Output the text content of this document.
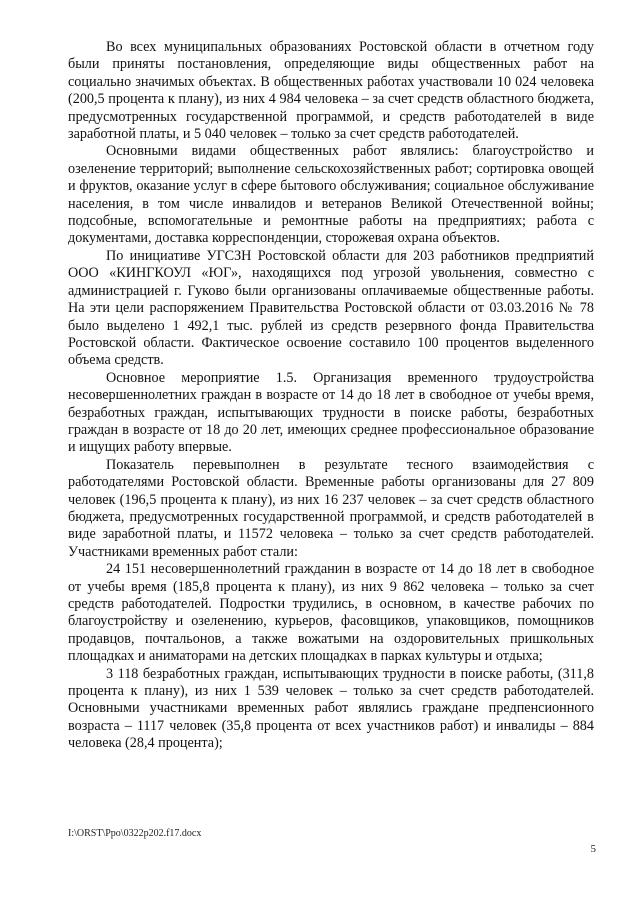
Во всех муниципальных образованиях Ростовской области в отчетном году были приняты постановления, определяющие виды общественных работ на социально значимых объектах. В общественных работах участвовали 10 024 человека (200,5 процента к плану), из них 4 984 человека – за счет средств областного бюджета, предусмотренных государственной программой, и средств работодателей в виде заработной платы, и 5 040 человек – только за счет средств работодателей.

Основными видами общественных работ являлись: благоустройство и озеленение территорий; выполнение сельскохозяйственных работ; сортировка овощей и фруктов, оказание услуг в сфере бытового обслуживания; социальное обслуживание населения, в том числе инвалидов и ветеранов Великой Отечественной войны; подсобные, вспомогательные и ремонтные работы на предприятиях; работа с документами, доставка корреспонденции, сторожевая охрана объектов.

По инициативе УГСЗН Ростовской области для 203 работников предприятий ООО «КИНГКОУЛ «ЮГ», находящихся под угрозой увольнения, совместно с администрацией г. Гуково были организованы оплачиваемые общественные работы. На эти цели распоряжением Правительства Ростовской области от 03.03.2016 № 78 было выделено 1 492,1 тыс. рублей из средств резервного фонда Правительства Ростовской области. Фактическое освоение составило 100 процентов выделенного объема средств.

Основное мероприятие 1.5. Организация временного трудоустройства несовершеннолетних граждан в возрасте от 14 до 18 лет в свободное от учебы время, безработных граждан, испытывающих трудности в поиске работы, безработных граждан в возрасте от 18 до 20 лет, имеющих среднее профессиональное образование и ищущих работу впервые.

Показатель перевыполнен в результате тесного взаимодействия с работодателями Ростовской области. Временные работы организованы для 27 809 человек (196,5 процента к плану), из них 16 237 человек – за счет средств областного бюджета, предусмотренных государственной программой, и средств работодателей в виде заработной платы, и 11572 человека – только за счет средств работодателей. Участниками временных работ стали:

24 151 несовершеннолетний гражданин в возрасте от 14 до 18 лет в свободное от учебы время (185,8 процента к плану), из них 9 862 человека – только за счет средств работодателей. Подростки трудились, в основном, в качестве рабочих по благоустройству и озеленению, курьеров, фасовщиков, упаковщиков, помощников продавцов, почтальонов, а также вожатыми на оздоровительных пришкольных площадках и аниматорами на детских площадках в парках культуры и отдыха;

3 118 безработных граждан, испытывающих трудности в поиске работы, (311,8 процента к плану), из них 1 539 человек – только за счет средств работодателей. Основными участниками временных работ являлись граждане предпенсионного возраста – 1117 человек (35,8 процента от всех участников работ) и инвалиды – 884 человека (28,4 процента);

I:\ORST\Ppo\0322p202.f17.docx
5
